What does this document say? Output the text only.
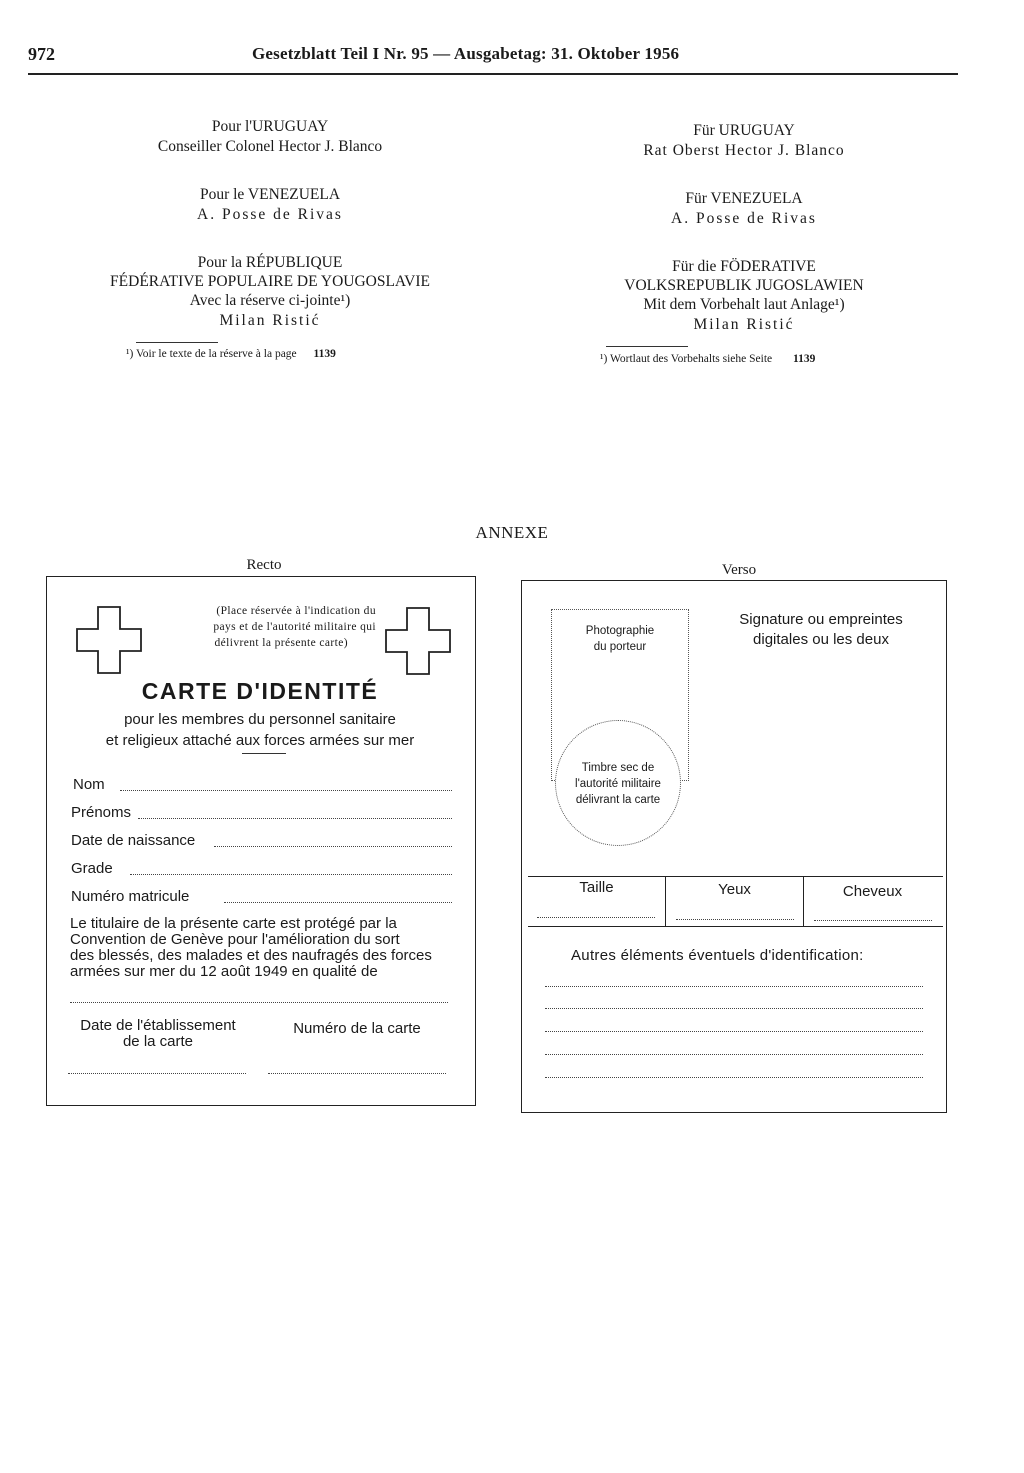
972	Gesetzblatt Teil I Nr. 95 — Ausgabetag: 31. Oktober 1956
Pour l'URUGUAY
Conseiller Colonel Hector J. Blanco
Pour le VENEZUELA
A. Posse de Rivas
Pour la RÉPUBLIQUE
FÉDÉRATIVE POPULAIRE DE YOUGOSLAVIE
Avec la réserve ci-jointe¹)
Milan Ristić
¹) Voir le texte de la réserve à la page 1139
Für URUGUAY
Rat Oberst Hector J. Blanco
Für VENEZUELA
A. Posse de Rivas
Für die FÖDERATIVE
VOLKSREPUBLIK JUGOSLAWIEN
Mit dem Vorbehalt laut Anlage¹)
Milan Ristić
¹) Wortlaut des Vorbehalts siehe Seite 1139
ANNEXE
Recto	Verso
(Place réservée à l'indication du
pays et de l'autorité militaire qui
délivrent la présente carte)
CARTE D'IDENTITÉ
pour les membres du personnel sanitaire
et religieux attaché aux forces armées sur mer
Nom
Prénoms
Date de naissance
Grade
Numéro matricule
Le titulaire de la présente carte est protégé par la
Convention de Genève pour l'amélioration du sort
des blessés, des malades et des naufragés des forces
armées sur mer du 12 août 1949 en qualité de
Date de l'établissement
de la carte
Numéro de la carte
Photographie
du porteur
Timbre sec de
l'autorité militaire
délivrant la carte
Signature ou empreintes
digitales ou les deux
Taille	Yeux	Cheveux
Autres éléments éventuels d'identification:
